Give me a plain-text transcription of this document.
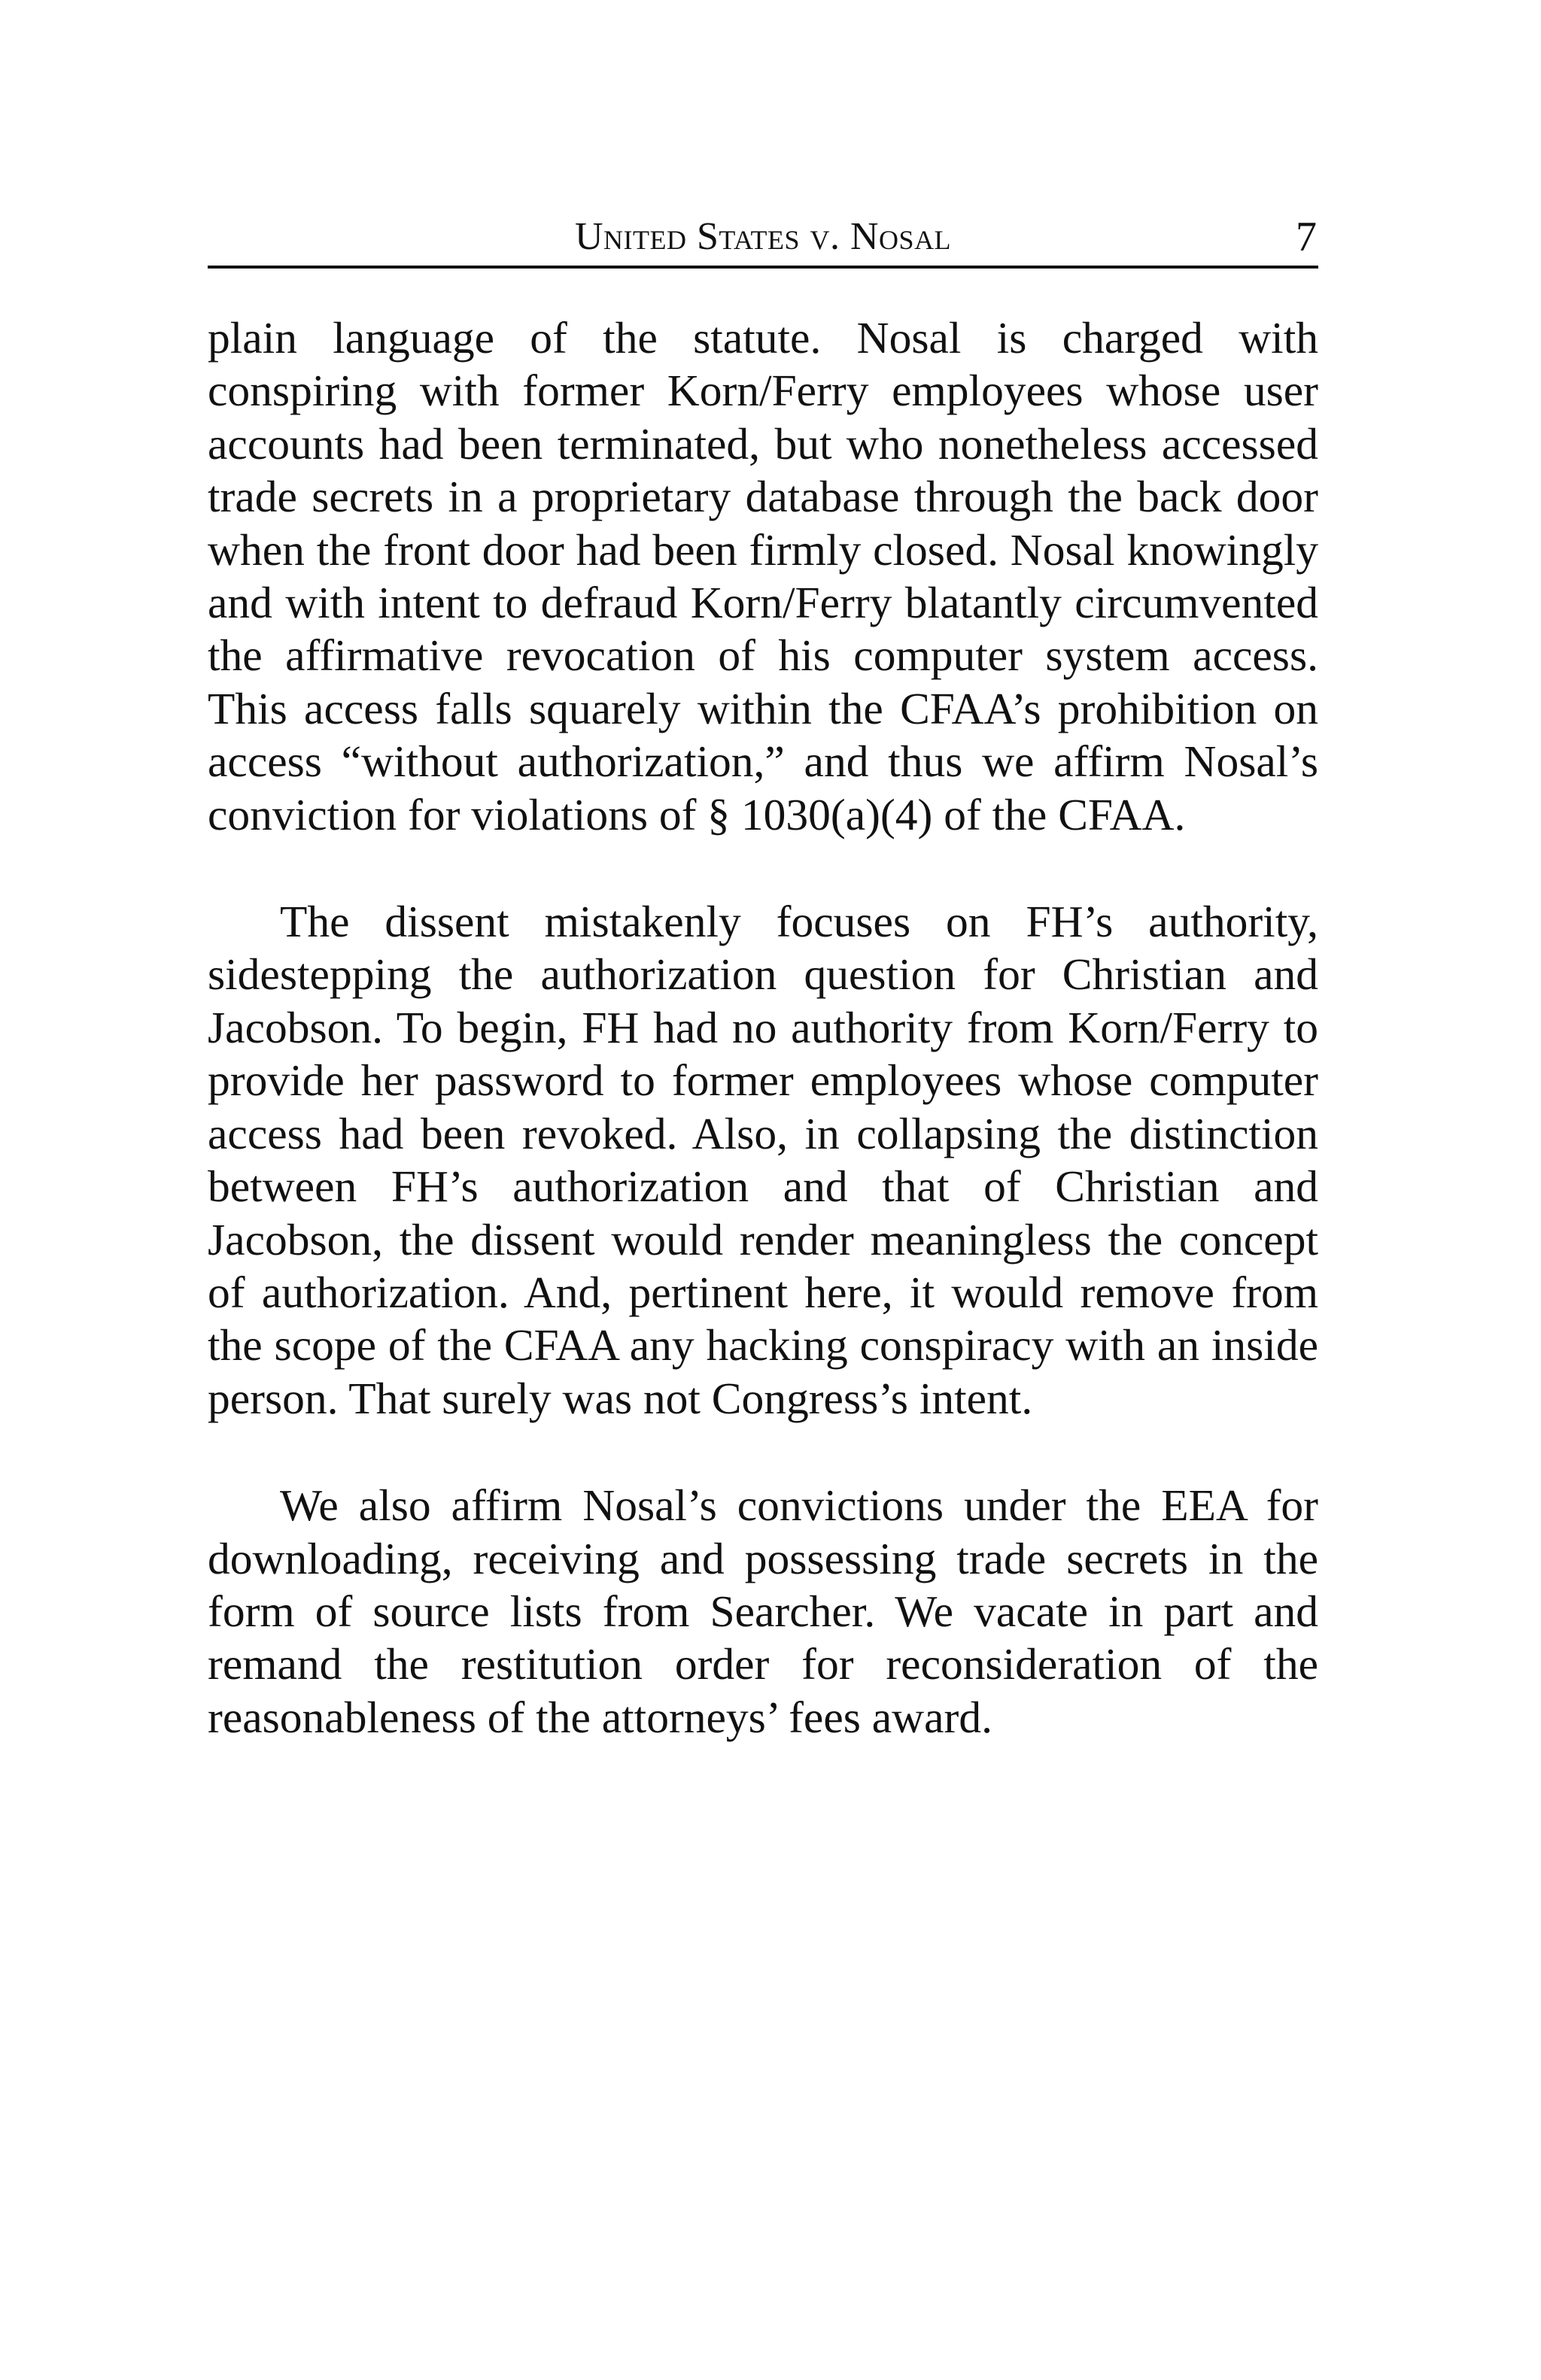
United States v. Nosal	7

plain language of the statute. Nosal is charged with conspiring with former Korn/Ferry employees whose user accounts had been terminated, but who nonetheless accessed trade secrets in a proprietary database through the back door when the front door had been firmly closed. Nosal knowingly and with intent to defraud Korn/Ferry blatantly circumvented the affirmative revocation of his computer system access. This access falls squarely within the CFAA’s prohibition on access “without authorization,” and thus we affirm Nosal’s conviction for violations of § 1030(a)(4) of the CFAA.

The dissent mistakenly focuses on FH’s authority, sidestepping the authorization question for Christian and Jacobson. To begin, FH had no authority from Korn/Ferry to provide her password to former employees whose computer access had been revoked. Also, in collapsing the distinction between FH’s authorization and that of Christian and Jacobson, the dissent would render meaningless the concept of authorization. And, pertinent here, it would remove from the scope of the CFAA any hacking conspiracy with an inside person. That surely was not Congress’s intent.

We also affirm Nosal’s convictions under the EEA for downloading, receiving and possessing trade secrets in the form of source lists from Searcher. We vacate in part and remand the restitution order for reconsideration of the reasonableness of the attorneys’ fees award.
